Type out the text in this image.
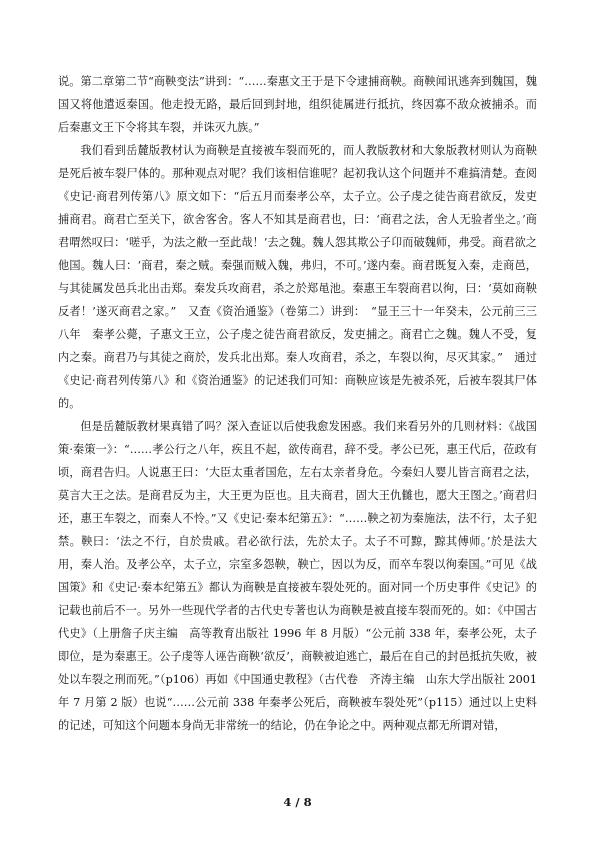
说。第二章第二节“商鞅变法”讲到：“……秦惠文王于是下令逮捕商鞅。商鞅闻讯逃奔到魏国，魏国又将他遣返秦国。他走投无路，最后回到封地，组织徒属进行抵抗，终因寡不敌众被捕杀。而后秦惠文王下令将其车裂，并诛灭九族。”

我们看到岳麓版教材认为商鞅是直接被车裂而死的，而人教版教材和大象版教材则认为商鞅是死后被车裂尸体的。那种观点对呢？我们该相信谁呢？起初我认这个问题并不难搞清楚。查阅《史记·商君列传第八》原文如下：“后五月而秦孝公卒，太子立。公子虔之徒告商君欲反，发吏捕商君。商君亡至关下，欲舍客舍。客人不知其是商君也，曰：‘商君之法，舍人无验者坐之。’商君喟然叹曰：‘嗟乎，为法之敝一至此哉！’去之魏。魏人怨其欺公子卬而破魏师，弗受。商君欲之他国。魏人曰：‘商君，秦之贼。秦强而贼入魏，弗归，不可。’遂内秦。商君既复入秦，走商邑，与其徒属发邑兵北出击郑。秦发兵攻商君，杀之於郑黾池。秦惠王车裂商君以徇，曰：‘莫如商鞅反者！’遂灭商君之家。”　又查《资治通鉴》（卷第二）讲到：　“显王三十一年癸未，公元前三三八年　秦孝公薨，子惠文王立，公子虔之徒告商君欲反，发吏捕之。商君亡之魏。魏人不受，复内之秦。商君乃与其徒之商於，发兵北出郑。秦人攻商君，杀之，车裂以徇，尽灭其家。”　通过《史记·商君列传第八》和《资治通鉴》的记述我们可知：商鞅应该是先被杀死，后被车裂其尸体的。

但是岳麓版教材果真错了吗？深入查证以后使我愈发困惑。我们来看另外的几则材料：《战国策·秦策一》：“……孝公行之八年，疾且不起，欲传商君，辞不受。孝公已死，惠王代后，莅政有顷，商君告归。人说惠王曰：‘大臣太重者国危，左右太亲者身危。今秦妇人婴儿皆言商君之法，莫言大王之法。是商君反为主，大王更为臣也。且夫商君，固大王仇雠也，愿大王图之。’商君归还，惠王车裂之，而秦人不怜。”又《史记·秦本纪第五》：“……鞅之初为秦施法，法不行，太子犯禁。鞅曰：‘法之不行，自於贵戚。君必欲行法，先於太子。太子不可黥，黥其傅师。’於是法大用，秦人治。及孝公卒，太子立，宗室多怨鞅，鞅亡，因以为反，而卒车裂以徇秦国。”可见《战国策》和《史记·秦本纪第五》都认为商鞅是直接被车裂处死的。面对同一个历史事件《史记》的记载也前后不一。另外一些现代学者的古代史专著也认为商鞅是被直接车裂而死的。如：《中国古代史》（上册詹子庆主编　高等教育出版社 1996 年 8 月版）“公元前 338 年，秦孝公死，太子即位，是为秦惠王。公子虔等人诬告商鞅‘欲反’，商鞅被迫逃亡，最后在自己的封邑抵抗失败，被处以车裂之刑而死。”（p106）再如《中国通史教程》（古代卷　齐涛主编　山东大学出版社 2001 年 7 月第 2 版）也说“……公元前 338 年秦孝公死后，商鞅被车裂处死”（p115）通过以上史料的记述，可知这个问题本身尚无非常统一的结论，仍在争论之中。两种观点都无所谓对错，

4 / 8
